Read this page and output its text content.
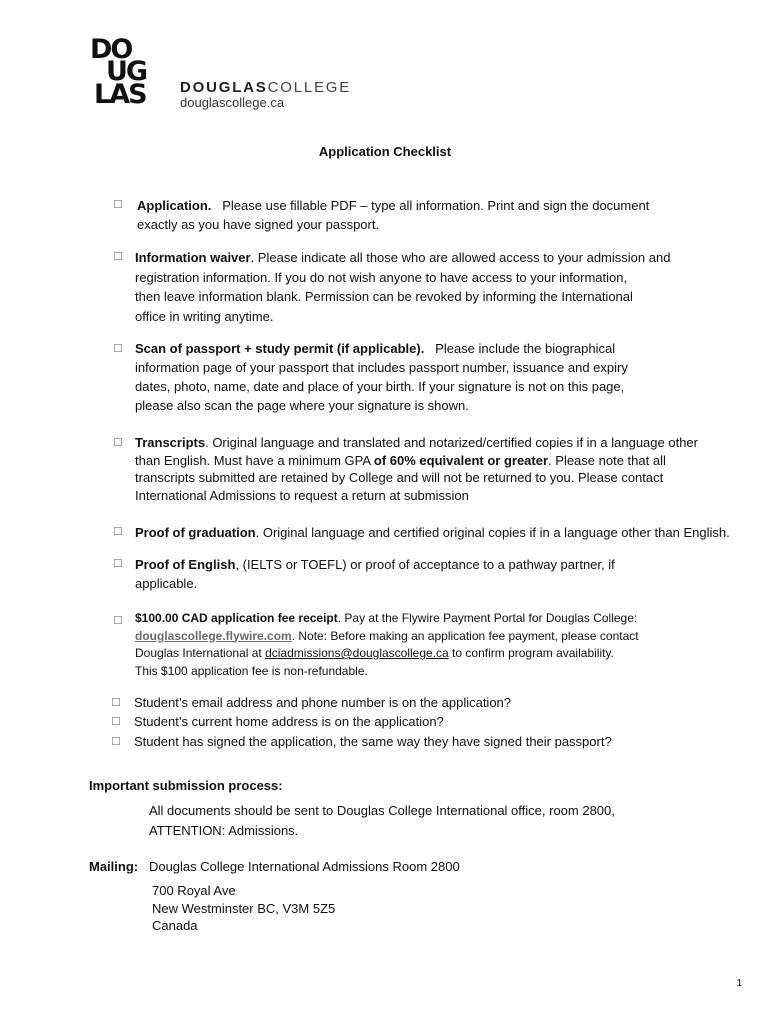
DO
UG
LAS DOUGLASCOLLEGE
douglascollege.ca
Application Checklist
☐ Application. Please use fillable PDF – type all information. Print and sign the document
exactly as you have signed your passport.
☐ Information waiver. Please indicate all those who are allowed access to your admission and
registration information. If you do not wish anyone to have access to your information,
then leave information blank. Permission can be revoked by informing the International
office in writing anytime.
☐ Scan of passport + study permit (if applicable). Please include the biographical
information page of your passport that includes passport number, issuance and expiry
dates, photo, name, date and place of your birth. If your signature is not on this page,
please also scan the page where your signature is shown.
☐ Transcripts. Original language and translated and notarized/certified copies if in a language other
than English. Must have a minimum GPA of 60% equivalent or greater. Please note that all
transcripts submitted are retained by College and will not be returned to you. Please contact
International Admissions to request a return at submission
☐ Proof of graduation. Original language and certified original copies if in a language other than English.
☐ Proof of English, (IELTS or TOEFL) or proof of acceptance to a pathway partner, if
applicable.
☐ $100.00 CAD application fee receipt. Pay at the Flywire Payment Portal for Douglas College:
douglascollege.flywire.com. Note: Before making an application fee payment, please contact
Douglas International at dciadmissions@douglascollege.ca to confirm program availability.
This $100 application fee is non-refundable.
☐ Student’s email address and phone number is on the application?
☐ Student’s current home address is on the application?
☐ Student has signed the application, the same way they have signed their passport?
Important submission process:
All documents should be sent to Douglas College International office, room 2800,
ATTENTION: Admissions.
Mailing: Douglas College International Admissions Room 2800
700 Royal Ave
New Westminster BC, V3M 5Z5
Canada
1
